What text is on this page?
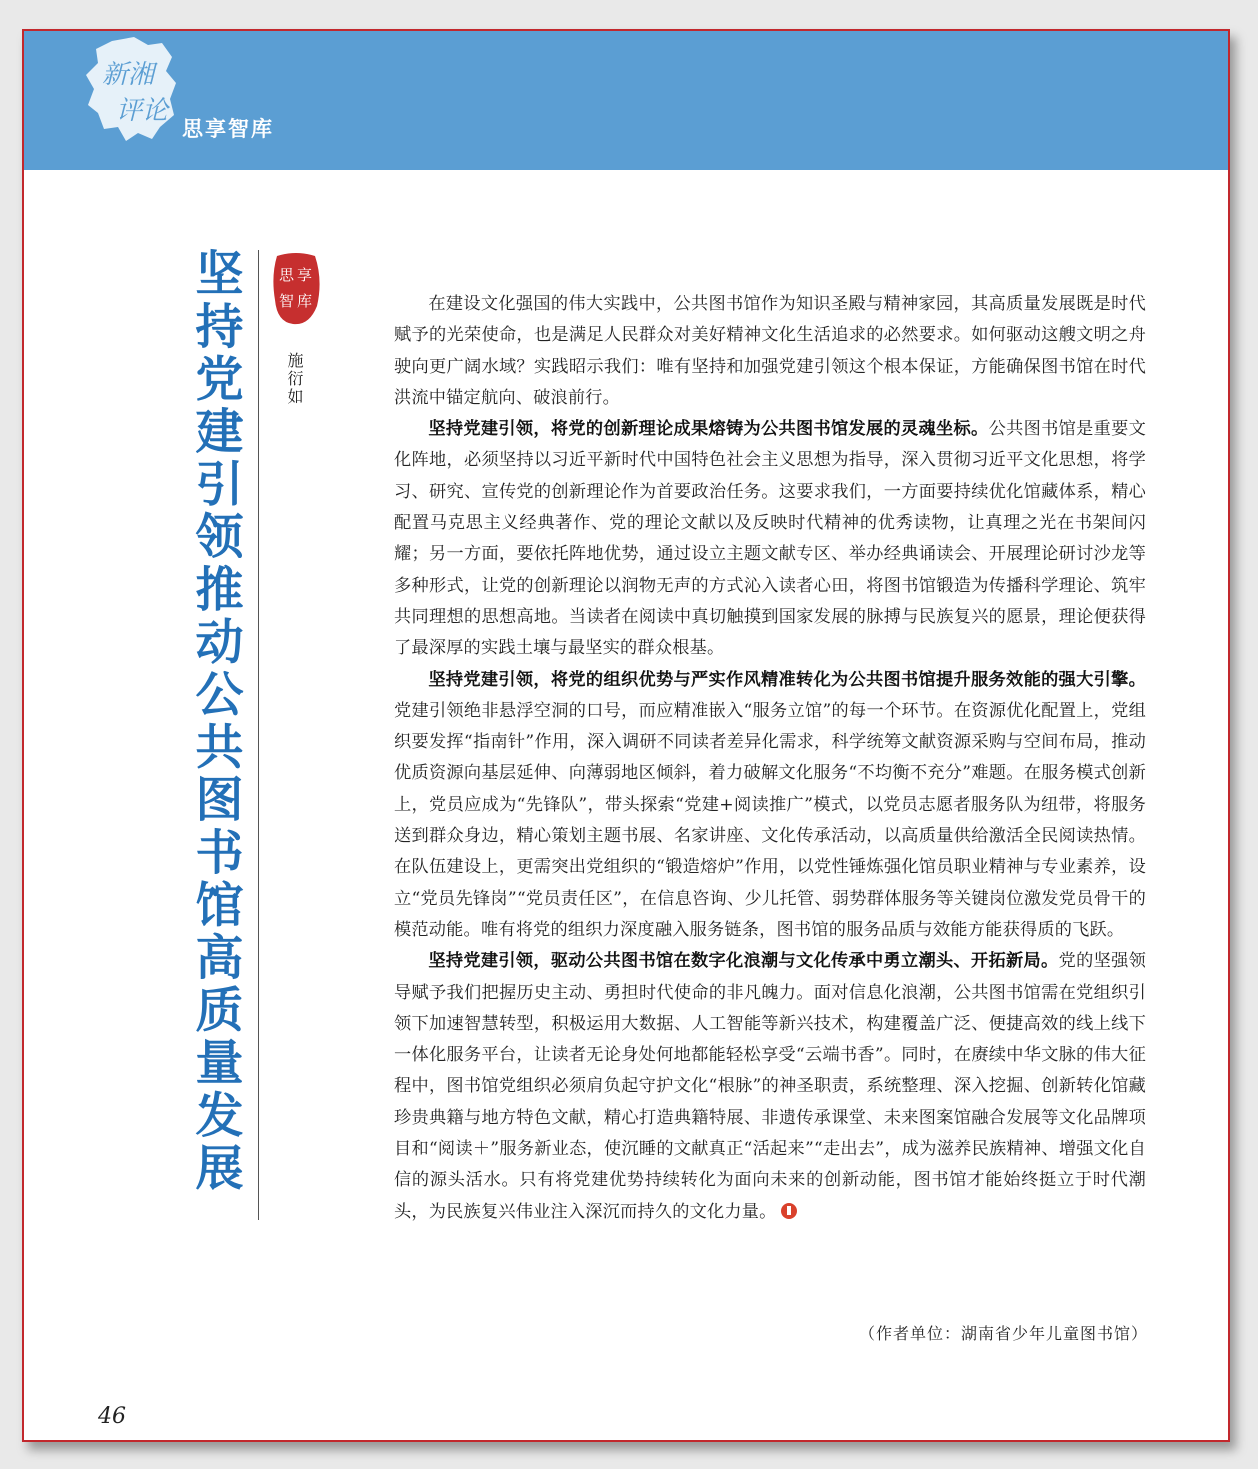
新湘
评论
思享智库
坚持党建引领推动公共图书馆高质量发展 思 享
智 库
施衍如

在建设文化强国的伟大实践中，公共图书馆作为知识圣殿与精神家园，其高质量发展既是时代赋予的光荣使命，也是满足人民群众对美好精神文化生活追求的必然要求。如何驱动这艘文明之舟驶向更广阔水域？实践昭示我们：唯有坚持和加强党建引领这个根本保证，方能确保图书馆在时代洪流中锚定航向、破浪前行。

坚持党建引领，将党的创新理论成果熔铸为公共图书馆发展的灵魂坐标。公共图书馆是重要文化阵地，必须坚持以习近平新时代中国特色社会主义思想为指导，深入贯彻习近平文化思想，将学习、研究、宣传党的创新理论作为首要政治任务。这要求我们，一方面要持续优化馆藏体系，精心配置马克思主义经典著作、党的理论文献以及反映时代精神的优秀读物，让真理之光在书架间闪耀；另一方面，要依托阵地优势，通过设立主题文献专区、举办经典诵读会、开展理论研讨沙龙等多种形式，让党的创新理论以润物无声的方式沁入读者心田，将图书馆锻造为传播科学理论、筑牢共同理想的思想高地。当读者在阅读中真切触摸到国家发展的脉搏与民族复兴的愿景，理论便获得了最深厚的实践土壤与最坚实的群众根基。

坚持党建引领，将党的组织优势与严实作风精准转化为公共图书馆提升服务效能的强大引擎。党建引领绝非悬浮空洞的口号，而应精准嵌入“服务立馆”的每一个环节。在资源优化配置上，党组织要发挥“指南针”作用，深入调研不同读者差异化需求，科学统筹文献资源采购与空间布局，推动优质资源向基层延伸、向薄弱地区倾斜，着力破解文化服务“不均衡不充分”难题。在服务模式创新上，党员应成为“先锋队”，带头探索“党建+阅读推广”模式，以党员志愿者服务队为纽带，将服务送到群众身边，精心策划主题书展、名家讲座、文化传承活动，以高质量供给激活全民阅读热情。在队伍建设上，更需突出党组织的“锻造熔炉”作用，以党性锤炼强化馆员职业精神与专业素养，设立“党员先锋岗”“党员责任区”，在信息咨询、少儿托管、弱势群体服务等关键岗位激发党员骨干的模范动能。唯有将党的组织力深度融入服务链条，图书馆的服务品质与效能方能获得质的飞跃。

坚持党建引领，驱动公共图书馆在数字化浪潮与文化传承中勇立潮头、开拓新局。党的坚强领导赋予我们把握历史主动、勇担时代使命的非凡魄力。面对信息化浪潮，公共图书馆需在党组织引领下加速智慧转型，积极运用大数据、人工智能等新兴技术，构建覆盖广泛、便捷高效的线上线下一体化服务平台，让读者无论身处何地都能轻松享受“云端书香”。同时，在赓续中华文脉的伟大征程中，图书馆党组织必须肩负起守护文化“根脉”的神圣职责，系统整理、深入挖掘、创新转化馆藏珍贵典籍与地方特色文献，精心打造典籍特展、非遗传承课堂、未来图案馆融合发展等文化品牌项目和“阅读＋”服务新业态，使沉睡的文献真正“活起来”“走出去”，成为滋养民族精神、增强文化自信的源头活水。只有将党建优势持续转化为面向未来的创新动能，图书馆才能始终挺立于时代潮头，为民族复兴伟业注入深沉而持久的文化力量。

（作者单位：湖南省少年儿童图书馆）
46
